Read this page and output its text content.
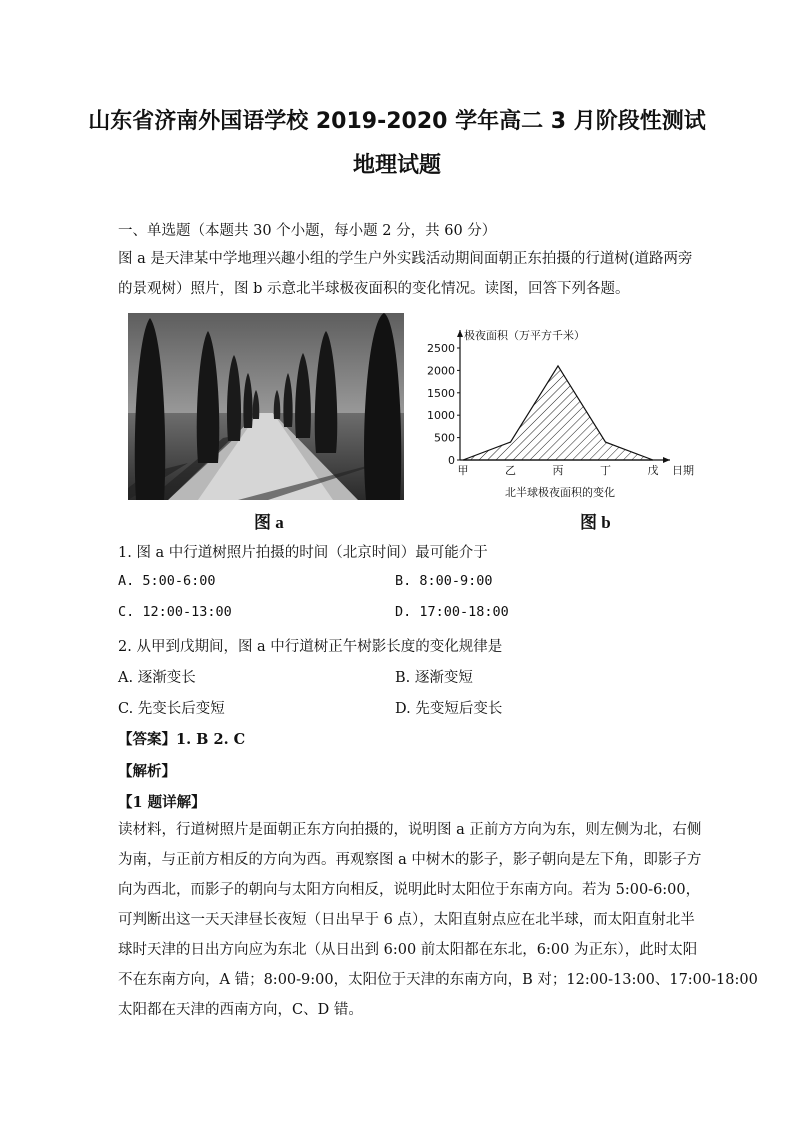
山东省济南外国语学校 2019-2020 学年高二 3 月阶段性测试
地理试题
一、单选题（本题共 30 个小题，每小题 2 分，共 60 分）
图 a 是天津某中学地理兴趣小组的学生户外实践活动期间面朝正东拍摄的行道树(道路两旁
的景观树）照片，图 b 示意北半球极夜面积的变化情况。读图，回答下列各题。
图 a
2500
2000
1500
1000
500
0
甲	乙	丙	丁	戊 日期
极夜面积（万平方千米）
北半球极夜面积的变化
图 b
1. 图 a 中行道树照片拍摄的时间（北京时间）最可能介于
A. 5:00-6:00	B. 8:00-9:00
C. 12:00-13:00	D. 17:00-18:00
2. 从甲到戊期间，图 a 中行道树正午树影长度的变化规律是
A. 逐渐变长	B. 逐渐变短
C. 先变长后变短	D. 先变短后变长
【答案】1. B 2. C
【解析】
【1 题详解】
读材料，行道树照片是面朝正东方向拍摄的，说明图 a 正前方方向为东，则左侧为北，右侧
为南，与正前方相反的方向为西。再观察图 a 中树木的影子，影子朝向是左下角，即影子方
向为西北，而影子的朝向与太阳方向相反，说明此时太阳位于东南方向。若为 5:00-6:00，
可判断出这一天天津昼长夜短（日出早于 6 点），太阳直射点应在北半球，而太阳直射北半
球时天津的日出方向应为东北（从日出到 6:00 前太阳都在东北，6:00 为正东），此时太阳
不在东南方向，A 错；8:00-9:00，太阳位于天津的东南方向，B 对；12:00-13:00、17:00-18:00
太阳都在天津的西南方向，C、D 错。
